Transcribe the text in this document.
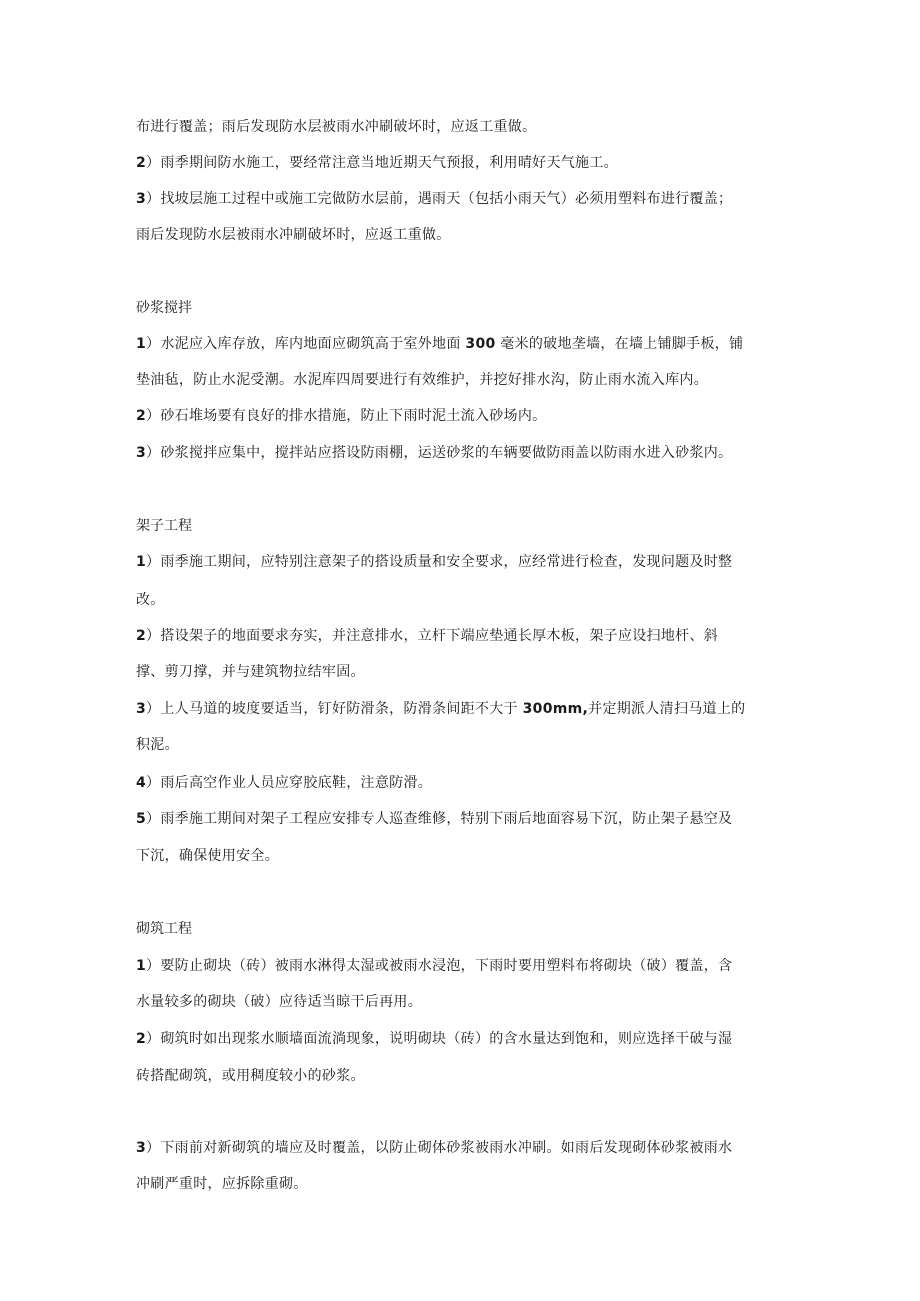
布进行覆盖；雨后发现防水层被雨水冲刷破坏时，应返工重做。
2）雨季期间防水施工，要经常注意当地近期天气预报，利用晴好天气施工。
3）找坡层施工过程中或施工完做防水层前，遇雨天（包括小雨天气）必须用塑料布进行覆盖；
雨后发现防水层被雨水冲刷破坏时，应返工重做。
砂浆搅拌
1）水泥应入库存放，库内地面应砌筑高于室外地面 300 毫米的破地垄墙，在墙上铺脚手板，铺
垫油毡，防止水泥受潮。水泥库四周要进行有效维护，并挖好排水沟，防止雨水流入库内。
2）砂石堆场要有良好的排水措施，防止下雨时泥土流入砂场内。
3）砂浆搅拌应集中，搅拌站应搭设防雨棚，运送砂浆的车辆要做防雨盖以防雨水进入砂浆内。
架子工程
1）雨季施工期间，应特别注意架子的搭设质量和安全要求，应经常进行检查，发现问题及时整
改。
2）搭设架子的地面要求夯实，并注意排水，立杆下端应垫通长厚木板，架子应设扫地杆、斜
撑、剪刀撑，并与建筑物拉结牢固。
3）上人马道的坡度要适当，钉好防滑条，防滑条间距不大于 300mm,并定期派人清扫马道上的
积泥。
4）雨后高空作业人员应穿胶底鞋，注意防滑。
5）雨季施工期间对架子工程应安排专人巡查维修，特别下雨后地面容易下沉，防止架子悬空及
下沉，确保使用安全。
砌筑工程
1）要防止砌块（砖）被雨水淋得太湿或被雨水浸泡，下雨时要用塑料布将砌块（破）覆盖，含
水量较多的砌块（破）应待适当晾干后再用。
2）砌筑时如出现浆水顺墙面流淌现象，说明砌块（砖）的含水量达到饱和，则应选择干破与湿
砖搭配砌筑，或用稠度较小的砂浆。
3）下雨前对新砌筑的墙应及时覆盖，以防止砌体砂浆被雨水冲刷。如雨后发现砌体砂浆被雨水
冲刷严重时，应拆除重砌。
